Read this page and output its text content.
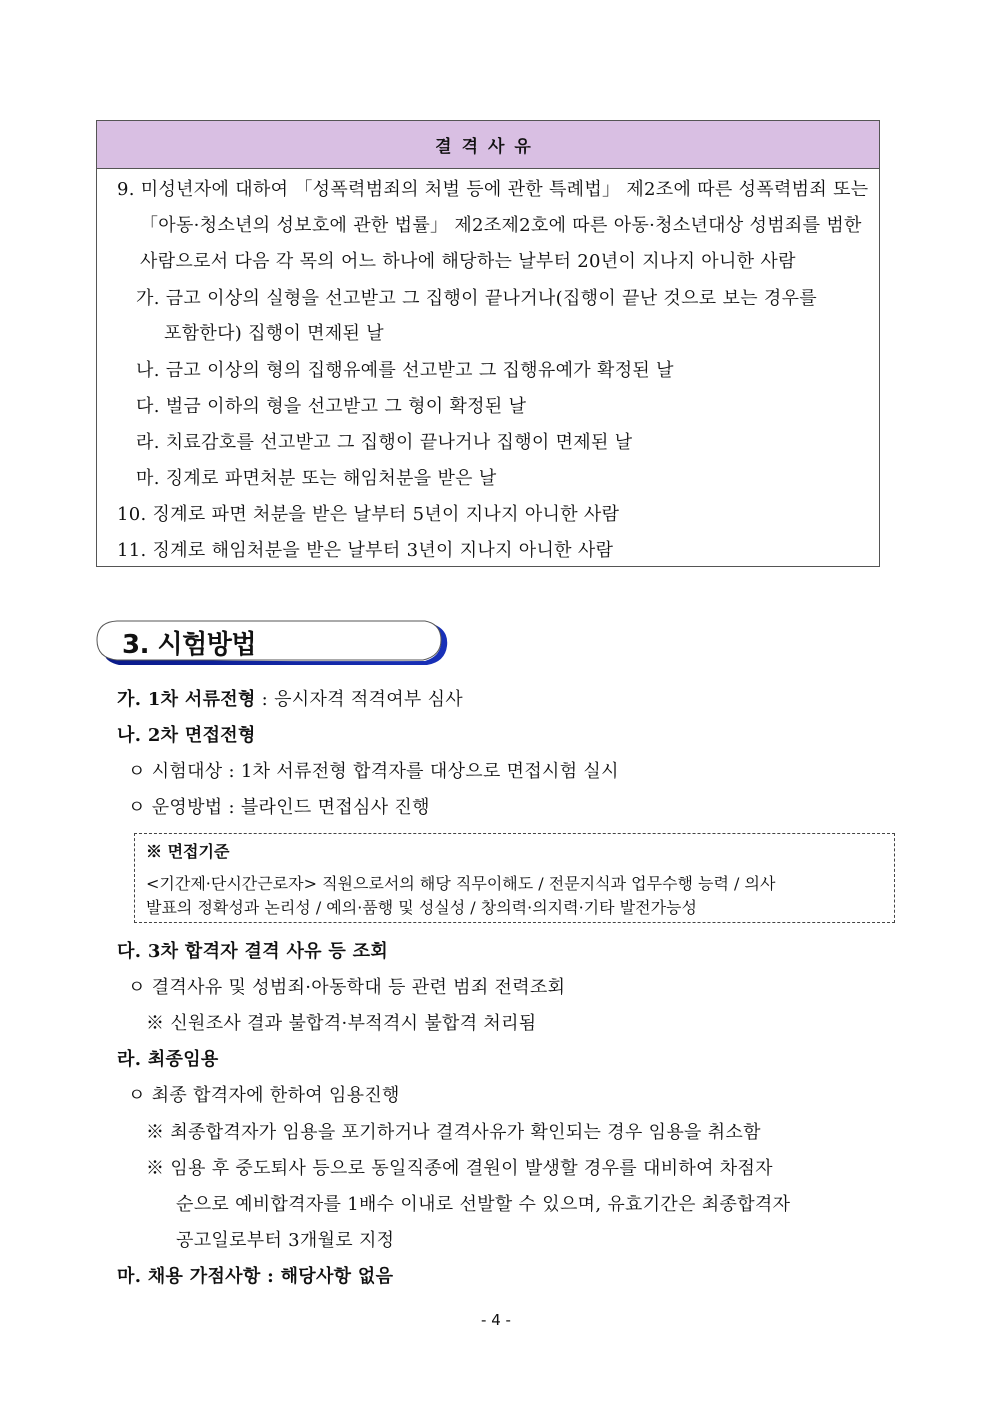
결격사유
9. 미성년자에 대하여 「성폭력범죄의 처벌 등에 관한 특례법」 제2조에 따른 성폭력범죄 또는
「아동·청소년의 성보호에 관한 법률」 제2조제2호에 따른 아동·청소년대상 성범죄를 범한
사람으로서 다음 각 목의 어느 하나에 해당하는 날부터 20년이 지나지 아니한 사람
가. 금고 이상의 실형을 선고받고 그 집행이 끝나거나(집행이 끝난 것으로 보는 경우를
포함한다) 집행이 면제된 날
나. 금고 이상의 형의 집행유예를 선고받고 그 집행유예가 확정된 날
다. 벌금 이하의 형을 선고받고 그 형이 확정된 날
라. 치료감호를 선고받고 그 집행이 끝나거나 집행이 면제된 날
마. 징계로 파면처분 또는 해임처분을 받은 날
10. 징계로 파면 처분을 받은 날부터 5년이 지나지 아니한 사람
11. 징계로 해임처분을 받은 날부터 3년이 지나지 아니한 사람
3. 시험방법
가. 1차 서류전형 : 응시자격 적격여부 심사
나. 2차 면접전형
ㅇ 시험대상 : 1차 서류전형 합격자를 대상으로 면접시험 실시
ㅇ 운영방법 : 블라인드 면접심사 진행
※ 면접기준
<기간제·단시간근로자> 직원으로서의 해당 직무이해도 / 전문지식과 업무수행 능력 / 의사
발표의 정확성과 논리성 / 예의·품행 및 성실성 / 창의력·의지력·기타 발전가능성
다. 3차 합격자 결격 사유 등 조회
ㅇ 결격사유 및 성범죄·아동학대 등 관련 범죄 전력조회
※ 신원조사 결과 불합격·부적격시 불합격 처리됨
라. 최종임용
ㅇ 최종 합격자에 한하여 임용진행
※ 최종합격자가 임용을 포기하거나 결격사유가 확인되는 경우 임용을 취소함
※ 임용 후 중도퇴사 등으로 동일직종에 결원이 발생할 경우를 대비하여 차점자
순으로 예비합격자를 1배수 이내로 선발할 수 있으며, 유효기간은 최종합격자
공고일로부터 3개월로 지정
마. 채용 가점사항 : 해당사항 없음
- 4 -
